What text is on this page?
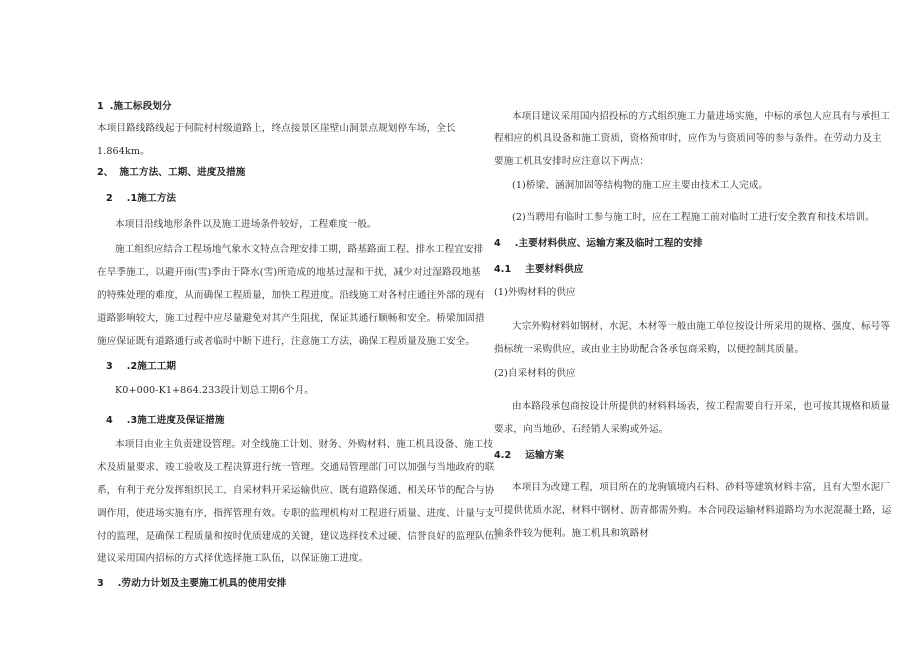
1 .施工标段划分
本项目路线路线起于何院村村级道路上，终点接景区崖壁山洞景点规划停车场，全长
1.864km。
2、 施工方法、工期、进度及措施
2 .1施工方法
本项目沿线地形条件以及施工进场条件较好，工程难度一般。
施工组织应结合工程场地气象水文特点合理安排工期，路基路面工程、排水工程宜安排
在旱季施工，以避开雨(雪)季由于降水(雪)所造成的地基过湿和干扰，减少对过湿路段地基
的特殊处理的难度，从而确保工程质量，加快工程进度。沿线施工对各村庄通往外部的现有
道路影响较大，施工过程中应尽量避免对其产生阻扰，保证其通行顺畅和安全。桥梁加固措
施应保证既有道路通行或者临时中断下进行，注意施工方法，确保工程质量及施工安全。
3 .2施工工期
K0+000-K1+864.233段计划总工期6个月。
4 .3施工进度及保证措施
本项目由业主负责建设管理。对全线施工计划、财务、外购材料、施工机具设备、施工技
术及质量要求、竣工验收及工程决算进行统一管理。交通局管理部门可以加强与当地政府的联
系，有利于充分发挥组织民工、自采材料开采运输供应、既有道路保通、相关环节的配合与协
调作用，使进场实施有序，指挥管理有效。专职的监理机构对工程进行质量、进度、计量与支
付的监理，是确保工程质量和按时优质建成的关键，建议选择技术过硬、信誉良好的监理队伍。
建议采用国内招标的方式择优选择施工队伍，以保证施工进度。
3 .劳动力计划及主要施工机具的使用安排
本项目建议采用国内招投标的方式组织施工力量进场实施，中标的承包人应具有与承担工
程相应的机具设备和施工资质，资格预审时，应作为与资质同等的参与条件。在劳动力及主
要施工机具安排时应注意以下两点：
(1)桥梁、涵洞加固等结构物的施工应主要由技术工人完成。
(2)当聘用有临时工参与施工时，应在工程施工前对临时工进行安全教育和技术培训。
4 .主要材料供应、运输方案及临时工程的安排
4.1 主要材料供应
(1)外购材料的供应
大宗外购材料如钢材、水泥、木材等一般由施工单位按设计所采用的规格、强度、标号等
指标统一采购供应，或由业主协助配合各承包商采购，以便控制其质量。
(2)自采材料的供应
由本路段承包商按设计所提供的材料料场表，按工程需要自行开采，也可按其规格和质量
要求，向当地砂、石经销人采购或外运。
4.2 运输方案
本项目为改建工程，项目所在的龙驹镇境内石料、砂料等建筑材料丰富，且有大型水泥厂
可提供优质水泥，材料中钢材、沥青都需外购。本合同段运输材料道路均为水泥混凝土路，运
输条件较为便利。施工机具和筑路材
